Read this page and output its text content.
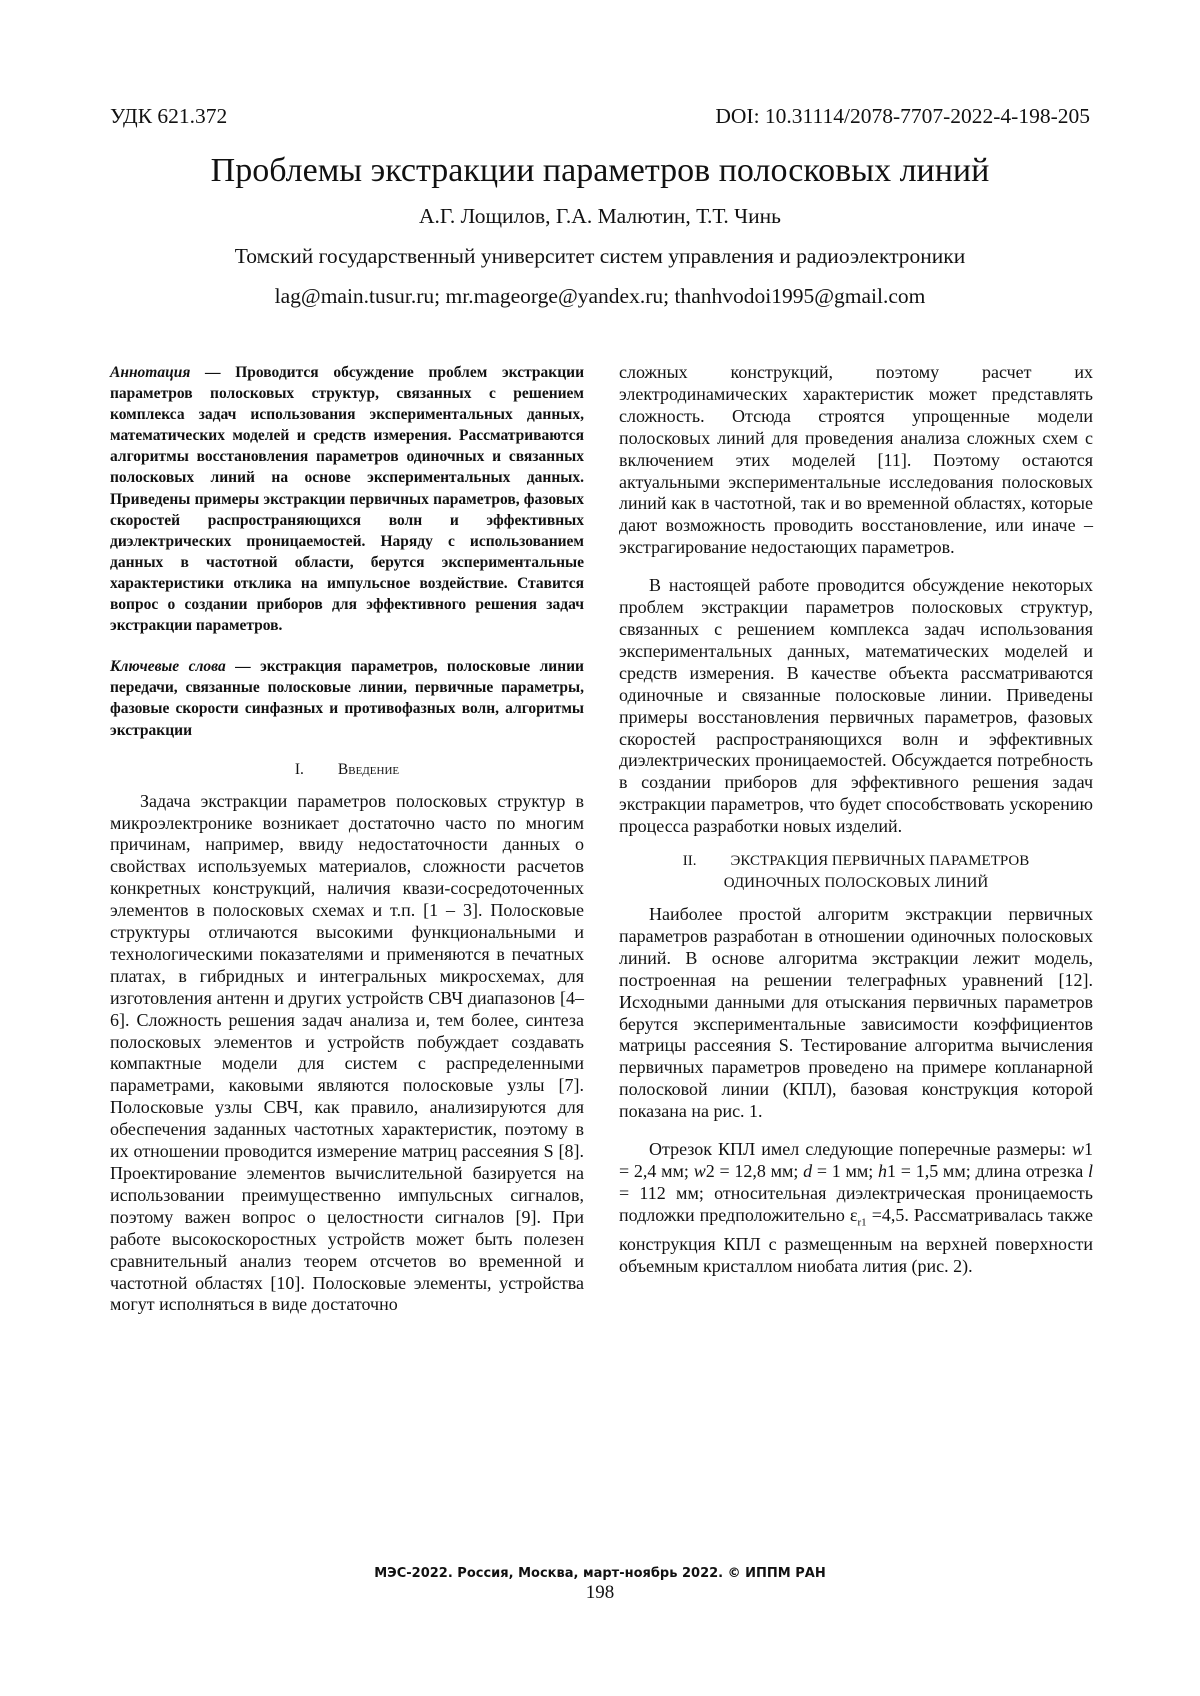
УДК 621.372	DOI: 10.31114/2078-7707-2022-4-198-205
Проблемы экстракции параметров полосковых линий
А.Г. Лощилов, Г.А. Малютин, Т.Т. Чинь
Томский государственный университет систем управления и радиоэлектроники
lag@main.tusur.ru; mr.mageorge@yandex.ru; thanhvodoi1995@gmail.com

Аннотация — Проводится обсуждение проблем экстракции параметров полосковых структур, связанных с решением комплекса задач использования экспериментальных данных, математических моделей и средств измерения. Рассматриваются алгоритмы восстановления параметров одиночных и связанных полосковых линий на основе экспериментальных данных. Приведены примеры экстракции первичных параметров, фазовых скоростей распространяющихся волн и эффективных диэлектрических проницаемостей. Наряду с использованием данных в частотной области, берутся экспериментальные характеристики отклика на импульсное воздействие. Ставится вопрос о создании приборов для эффективного решения задач экстракции параметров.

Ключевые слова — экстракция параметров, полосковые линии передачи, связанные полосковые линии, первичные параметры, фазовые скорости синфазных и противофазных волн, алгоритмы экстракции

I. Введение

Задача экстракции параметров полосковых структур в микроэлектронике возникает достаточно часто по многим причинам, например, ввиду недостаточности данных о свойствах используемых материалов, сложности расчетов конкретных конструкций, наличия квази-сосредоточенных элементов в полосковых схемах и т.п. [1 – 3]. Полосковые структуры отличаются высокими функциональными и технологическими показателями и применяются в печатных платах, в гибридных и интегральных микросхемах, для изготовления антенн и других устройств СВЧ диапазонов [4–6]. Сложность решения задач анализа и, тем более, синтеза полосковых элементов и устройств побуждает создавать компактные модели для систем с распределенными параметрами, каковыми являются полосковые узлы [7]. Полосковые узлы СВЧ, как правило, анализируются для обеспечения заданных частотных характеристик, поэтому в их отношении проводится измерение матриц рассеяния S [8]. Проектирование элементов вычислительной базируется на использовании преимущественно импульсных сигналов, поэтому важен вопрос о целостности сигналов [9]. При работе высокоскоростных устройств может быть полезен сравнительный анализ теорем отсчетов во временной и частотной областях [10]. Полосковые элементы, устройства могут исполняться в виде достаточно

сложных конструкций, поэтому расчет их электродинамических характеристик может представлять сложность. Отсюда строятся упрощенные модели полосковых линий для проведения анализа сложных схем с включением этих моделей [11]. Поэтому остаются актуальными экспериментальные исследования полосковых линий как в частотной, так и во временной областях, которые дают возможность проводить восстановление, или иначе – экстрагирование недостающих параметров.

В настоящей работе проводится обсуждение некоторых проблем экстракции параметров полосковых структур, связанных с решением комплекса задач использования экспериментальных данных, математических моделей и средств измерения. В качестве объекта рассматриваются одиночные и связанные полосковые линии. Приведены примеры восстановления первичных параметров, фазовых скоростей распространяющихся волн и эффективных диэлектрических проницаемостей. Обсуждается потребность в создании приборов для эффективного решения задач экстракции параметров, что будет способствовать ускорению процесса разработки новых изделий.

II. ЭКСТРАКЦИЯ ПЕРВИЧНЫХ ПАРАМЕТРОВ
ОДИНОЧНЫХ ПОЛОСКОВЫХ ЛИНИЙ

Наиболее простой алгоритм экстракции первичных параметров разработан в отношении одиночных полосковых линий. В основе алгоритма экстракции лежит модель, построенная на решении телеграфных уравнений [12]. Исходными данными для отыскания первичных параметров берутся экспериментальные зависимости коэффициентов матрицы рассеяния S. Тестирование алгоритма вычисления первичных параметров проведено на примере копланарной полосковой линии (КПЛ), базовая конструкция которой показана на рис. 1.

Отрезок КПЛ имел следующие поперечные размеры: w1 = 2,4 мм; w2 = 12,8 мм; d = 1 мм; h1 = 1,5 мм; длина отрезка l = 112 мм; относительная диэлектрическая проницаемость подложки предположительно $\varepsilon_{r1} =4,5$. Рассматривалась также конструкция КПЛ с размещенным на верхней поверхности объемным кристаллом ниобата лития (рис. 2).

МЭС-2022. Россия, Москва, март-ноябрь 2022. © ИППМ РАН
198
